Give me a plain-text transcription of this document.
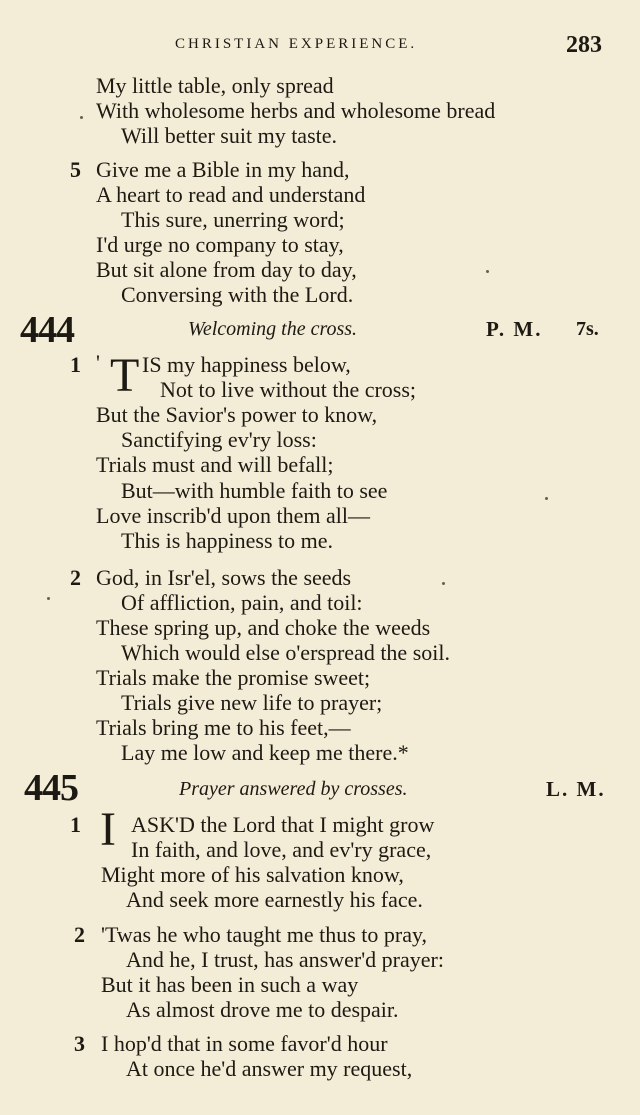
CHRISTIAN EXPERIENCE.	283
My little table, only spread
With wholesome herbs and wholesome bread
Will better suit my taste.
5 Give me a Bible in my hand,
A heart to read and understand
This sure, unerring word;
I'd urge no company to stay,
But sit alone from day to day,
Conversing with the Lord.
444	Welcoming the cross.	P. M. 7s.
1 ' T IS my happiness below,
Not to live without the cross;
But the Savior's power to know,
Sanctifying ev'ry loss:
Trials must and will befall;
But—with humble faith to see
Love inscrib'd upon them all—
This is happiness to me.
2 God, in Isr'el, sows the seeds
Of affliction, pain, and toil:
These spring up, and choke the weeds
Which would else o'erspread the soil.
Trials make the promise sweet;
Trials give new life to prayer;
Trials bring me to his feet,—
Lay me low and keep me there.*
445	Prayer answered by crosses.	L. M.
1 I ASK'D the Lord that I might grow
In faith, and love, and ev'ry grace,
Might more of his salvation know,
And seek more earnestly his face.
2 'Twas he who taught me thus to pray,
And he, I trust, has answer'd prayer:
But it has been in such a way
As almost drove me to despair.
3 I hop'd that in some favor'd hour
At once he'd answer my request,
